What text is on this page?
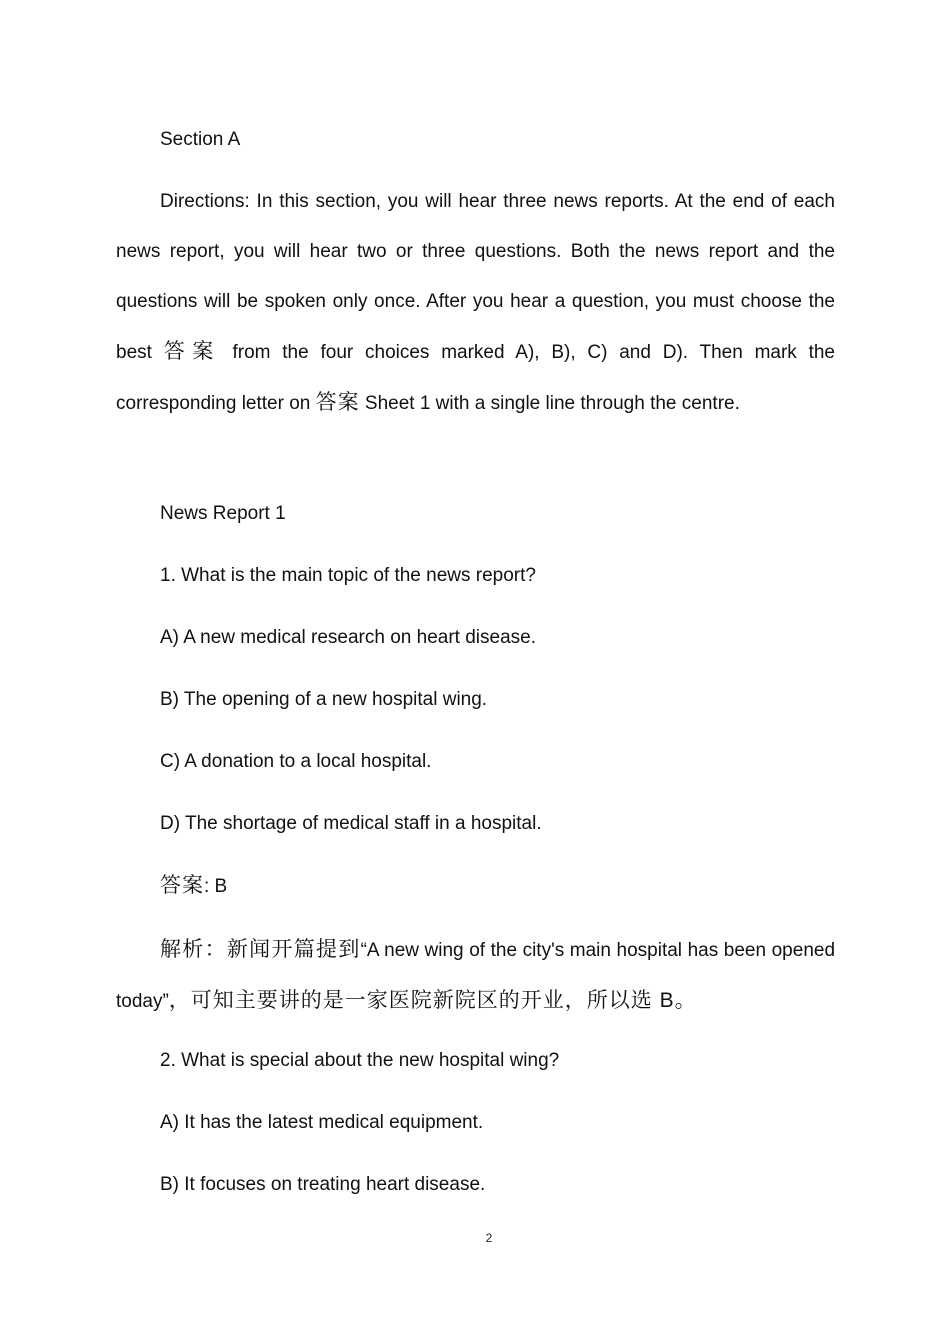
Section A
Directions: In this section, you will hear three news reports. At the end of each news report, you will hear two or three questions. Both the news report and the questions will be spoken only once. After you hear a question, you must choose the best 答案 from the four choices marked A), B), C) and D). Then mark the corresponding letter on 答案 Sheet 1 with a single line through the centre.
News Report 1
1. What is the main topic of the news report?
A) A new medical research on heart disease.
B) The opening of a new hospital wing.
C) A donation to a local hospital.
D) The shortage of medical staff in a hospital.
答案: B
解析：新闻开篇提到“A new wing of the city's main hospital has been opened today”，可知主要讲的是一家医院新院区的开业，所以选 B。
2. What is special about the new hospital wing?
A) It has the latest medical equipment.
B) It focuses on treating heart disease.
2
